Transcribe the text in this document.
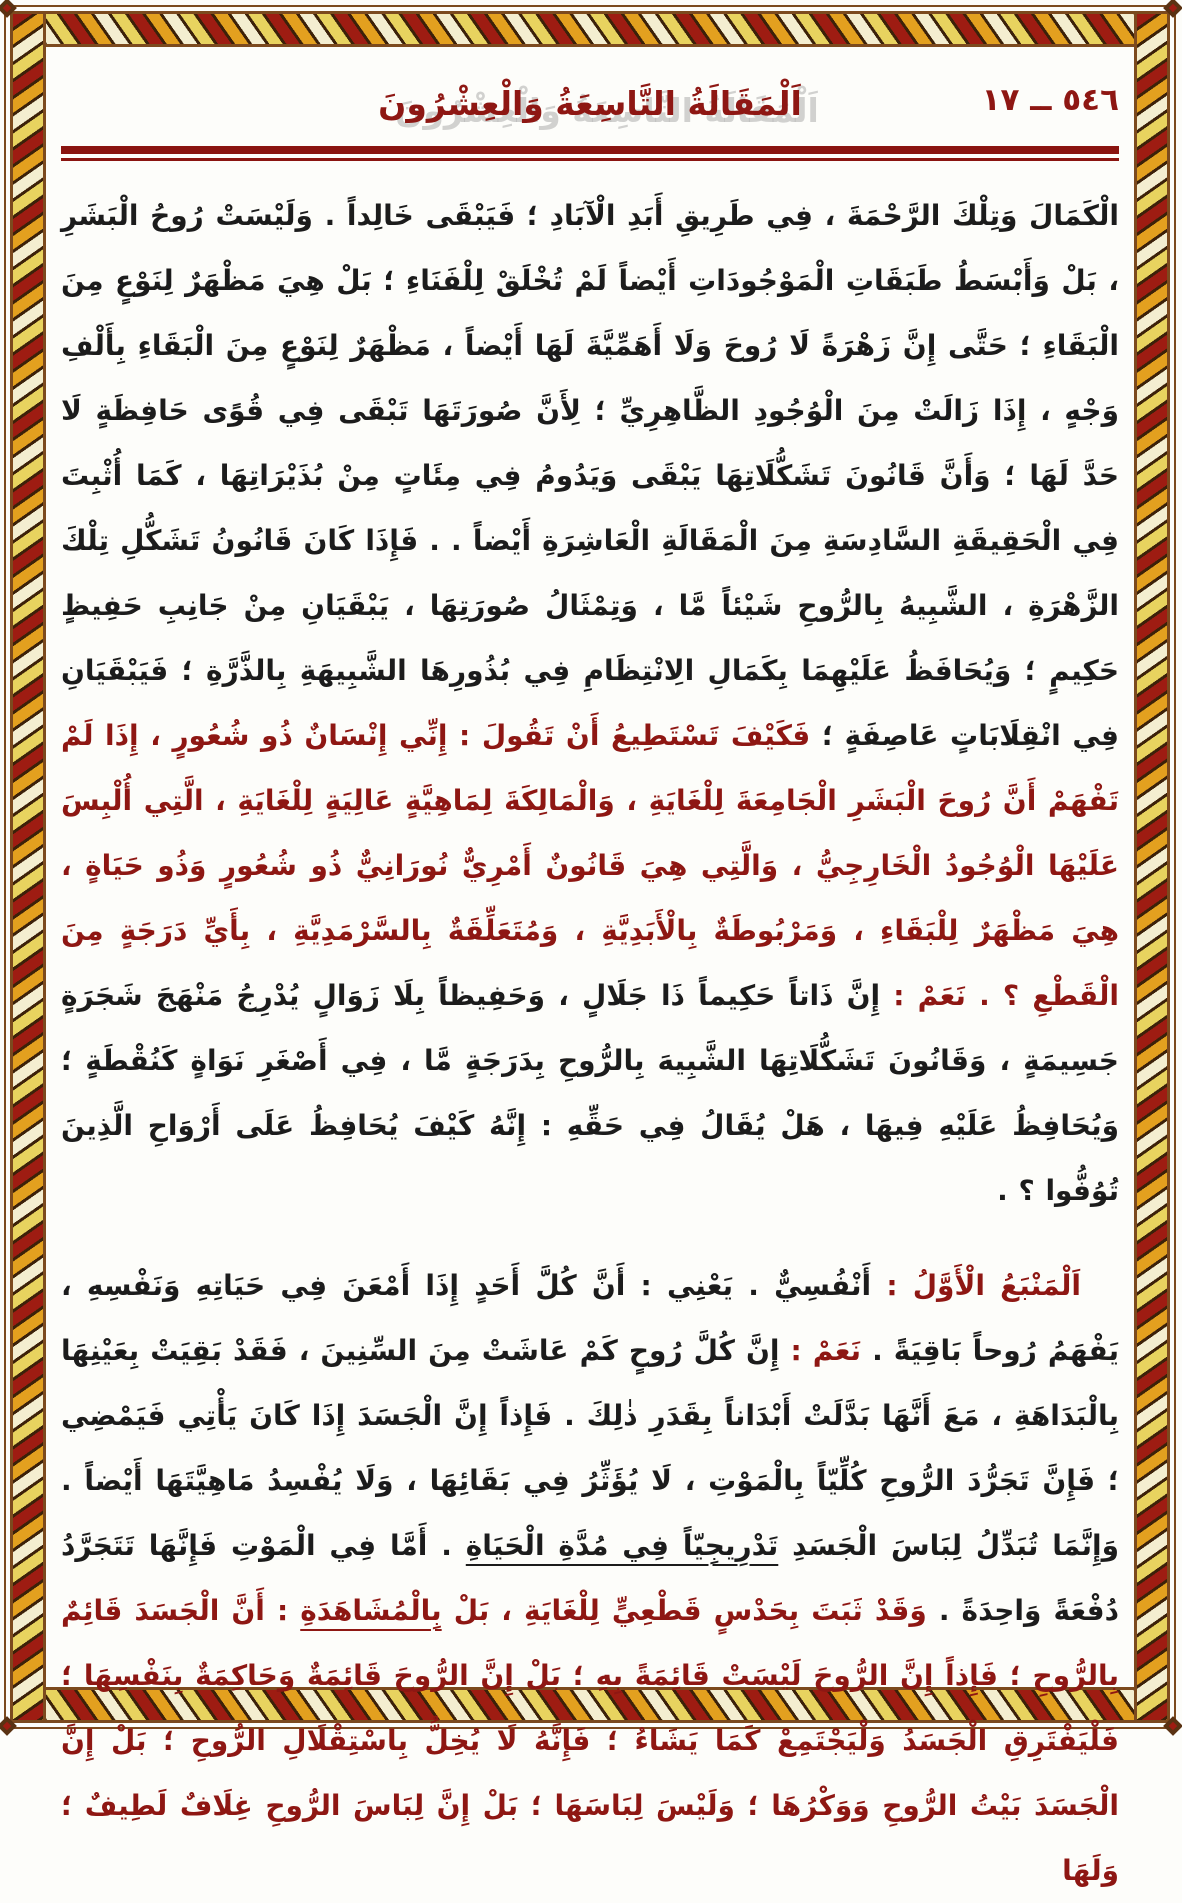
٥٤٦ ــ ١٧
اَلْمَقَالَةُ التَّاسِعَةُ وَالْعِشْرُونَ

الْكَمَالَ وَتِلْكَ الرَّحْمَةَ ، فِي طَرِيقِ أَبَدِ الْآبَادِ ؛ فَيَبْقَى خَالِداً . وَلَيْسَتْ رُوحُ الْبَشَرِ ، بَلْ وَأَبْسَطُ طَبَقَاتِ الْمَوْجُودَاتِ أَيْضاً لَمْ تُخْلَقْ لِلْفَنَاءِ ؛ بَلْ هِيَ مَظْهَرٌ لِنَوْعٍ مِنَ الْبَقَاءِ ؛ حَتَّى إِنَّ زَهْرَةً لَا رُوحَ وَلَا أَهَمِّيَّةَ لَهَا أَيْضاً ، مَظْهَرٌ لِنَوْعٍ مِنَ الْبَقَاءِ بِأَلْفِ وَجْهٍ ، إِذَا زَالَتْ مِنَ الْوُجُودِ الظَّاهِرِيِّ ؛ لِأَنَّ صُورَتَهَا تَبْقَى فِي قُوًى حَافِظَةٍ لَا حَدَّ لَهَا ؛ وَأَنَّ قَانُونَ تَشَكُّلَاتِهَا يَبْقَى وَيَدُومُ فِي مِئَاتٍ مِنْ بُذَيْرَاتِهَا ، كَمَا أُثْبِتَ فِي الْحَقِيقَةِ السَّادِسَةِ مِنَ الْمَقَالَةِ الْعَاشِرَةِ أَيْضاً . . فَإِذَا كَانَ قَانُونُ تَشَكُّلِ تِلْكَ الزَّهْرَةِ ، الشَّبِيهُ بِالرُّوحِ شَيْئاً مَّا ، وَتِمْثَالُ صُورَتِهَا ، يَبْقَيَانِ مِنْ جَانِبِ حَفِيظٍ حَكِيمٍ ؛ وَيُحَافَظُ عَلَيْهِمَا بِكَمَالِ الِانْتِظَامِ فِي بُذُورِهَا الشَّبِيهَةِ بِالذَّرَّةِ ؛ فَيَبْقَيَانِ فِي انْقِلَابَاتٍ عَاصِفَةٍ ؛ فَكَيْفَ تَسْتَطِيعُ أَنْ تَقُولَ : إِنِّي إِنْسَانٌ ذُو شُعُورٍ ، إِذَا لَمْ تَفْهَمْ أَنَّ رُوحَ الْبَشَرِ الْجَامِعَةَ لِلْغَايَةِ ، وَالْمَالِكَةَ لِمَاهِيَّةٍ عَالِيَةٍ لِلْغَايَةِ ، الَّتِي أُلْبِسَ عَلَيْهَا الْوُجُودُ الْخَارِجِيُّ ، وَالَّتِي هِيَ قَانُونٌ أَمْرِيٌّ نُورَانِيٌّ ذُو شُعُورٍ وَذُو حَيَاةٍ ، هِيَ مَظْهَرٌ لِلْبَقَاءِ ، وَمَرْبُوطَةٌ بِالْأَبَدِيَّةِ ، وَمُتَعَلِّقَةٌ بِالسَّرْمَدِيَّةِ ، بِأَيِّ دَرَجَةٍ مِنَ الْقَطْعِ ؟ . نَعَمْ : إِنَّ ذَاتاً حَكِيماً ذَا جَلَالٍ ، وَحَفِيظاً بِلَا زَوَالٍ يُدْرِجُ مَنْهَجَ شَجَرَةٍ جَسِيمَةٍ ، وَقَانُونَ تَشَكُّلَاتِهَا الشَّبِيهَ بِالرُّوحِ بِدَرَجَةٍ مَّا ، فِي أَصْغَرِ نَوَاةٍ كَنُقْطَةٍ ؛ وَيُحَافِظُ عَلَيْهِ فِيهَا ، هَلْ يُقَالُ فِي حَقِّهِ : إِنَّهُ كَيْفَ يُحَافِظُ عَلَى أَرْوَاحِ الَّذِينَ تُوُفُّوا ؟ .

اَلْمَنْبَعُ الْأَوَّلُ : أَنْفُسِيٌّ . يَعْنِي : أَنَّ كُلَّ أَحَدٍ إِذَا أَمْعَنَ فِي حَيَاتِهِ وَنَفْسِهِ ، يَفْهَمُ رُوحاً بَاقِيَةً . نَعَمْ : إِنَّ كُلَّ رُوحٍ كَمْ عَاشَتْ مِنَ السِّنِينَ ، فَقَدْ بَقِيَتْ بِعَيْنِهَا بِالْبَدَاهَةِ ، مَعَ أَنَّهَا بَدَّلَتْ أَبْدَاناً بِقَدَرِ ذٰلِكَ . فَإِذاً إِنَّ الْجَسَدَ إِذَا كَانَ يَأْتِي فَيَمْضِي ؛ فَإِنَّ تَجَرُّدَ الرُّوحِ كُلِّيّاً بِالْمَوْتِ ، لَا يُؤَثِّرُ فِي بَقَائِهَا ، وَلَا يُفْسِدُ مَاهِيَّتَهَا أَيْضاً . وَإِنَّمَا تُبَدِّلُ لِبَاسَ الْجَسَدِ تَدْرِيجِيّاً فِي مُدَّةِ الْحَيَاةِ . أَمَّا فِي الْمَوْتِ فَإِنَّهَا تَتَجَرَّدُ دُفْعَةً وَاحِدَةً . وَقَدْ ثَبَتَ بِحَدْسٍ قَطْعِيٍّ لِلْغَايَةِ ، بَلْ بِالْمُشَاهَدَةِ : أَنَّ الْجَسَدَ قَائِمٌ بِالرُّوحِ ؛ فَإِذاً إِنَّ الرُّوحَ لَيْسَتْ قَائِمَةً بِهِ ؛ بَلْ إِنَّ الرُّوحَ قَائِمَةٌ وَحَاكِمَةٌ بِنَفْسِهَا ؛ فَلْيَفْتَرِقِ الْجَسَدُ وَلْيَجْتَمِعْ كَمَا يَشَاءُ ؛ فَإِنَّهُ لَا يُخِلُّ بِاسْتِقْلَالِ الرُّوحِ ؛ بَلْ إِنَّ الْجَسَدَ بَيْتُ الرُّوحِ وَوَكْرُهَا ؛ وَلَيْسَ لِبَاسَهَا ؛ بَلْ إِنَّ لِبَاسَ الرُّوحِ غِلَافٌ لَطِيفٌ ؛ وَلَهَا
